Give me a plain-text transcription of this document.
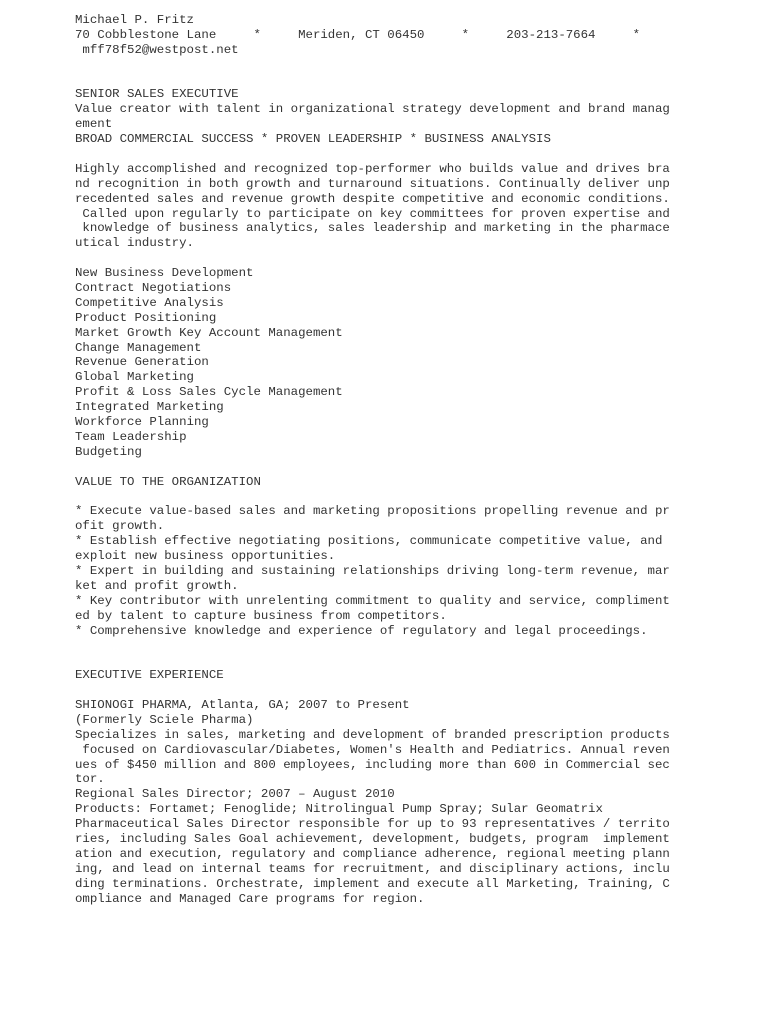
Michael P. Fritz
70 Cobblestone Lane     *     Meriden, CT 06450     *     203-213-7664     *
mff78f52@westpost.net
SENIOR SALES EXECUTIVE
Value creator with talent in organizational strategy development and brand manag
ement
BROAD COMMERCIAL SUCCESS * PROVEN LEADERSHIP * BUSINESS ANALYSIS
Highly accomplished and recognized top-performer who builds value and drives bra
nd recognition in both growth and turnaround situations. Continually deliver unp
recedented sales and revenue growth despite competitive and economic conditions.
Called upon regularly to participate on key committees for proven expertise and
knowledge of business analytics, sales leadership and marketing in the pharmace
utical industry.
New Business Development
Contract Negotiations
Competitive Analysis
Product Positioning
Market Growth Key Account Management
Change Management
Revenue Generation
Global Marketing
Profit & Loss Sales Cycle Management
Integrated Marketing
Workforce Planning
Team Leadership
Budgeting
VALUE TO THE ORGANIZATION
* Execute value-based sales and marketing propositions propelling revenue and pr
ofit growth.
* Establish effective negotiating positions, communicate competitive value, and
exploit new business opportunities.
* Expert in building and sustaining relationships driving long-term revenue, mar
ket and profit growth.
* Key contributor with unrelenting commitment to quality and service, compliment
ed by talent to capture business from competitors.
* Comprehensive knowledge and experience of regulatory and legal proceedings.
EXECUTIVE EXPERIENCE
SHIONOGI PHARMA, Atlanta, GA; 2007 to Present
(Formerly Sciele Pharma)
Specializes in sales, marketing and development of branded prescription products
focused on Cardiovascular/Diabetes, Women's Health and Pediatrics. Annual reven
ues of $450 million and 800 employees, including more than 600 in Commercial sec
tor.
Regional Sales Director; 2007 – August 2010
Products: Fortamet; Fenoglide; Nitrolingual Pump Spray; Sular Geomatrix
Pharmaceutical Sales Director responsible for up to 93 representatives / territo
ries, including Sales Goal achievement, development, budgets, program  implement
ation and execution, regulatory and compliance adherence, regional meeting plann
ing, and lead on internal teams for recruitment, and disciplinary actions, inclu
ding terminations. Orchestrate, implement and execute all Marketing, Training, C
ompliance and Managed Care programs for region.
